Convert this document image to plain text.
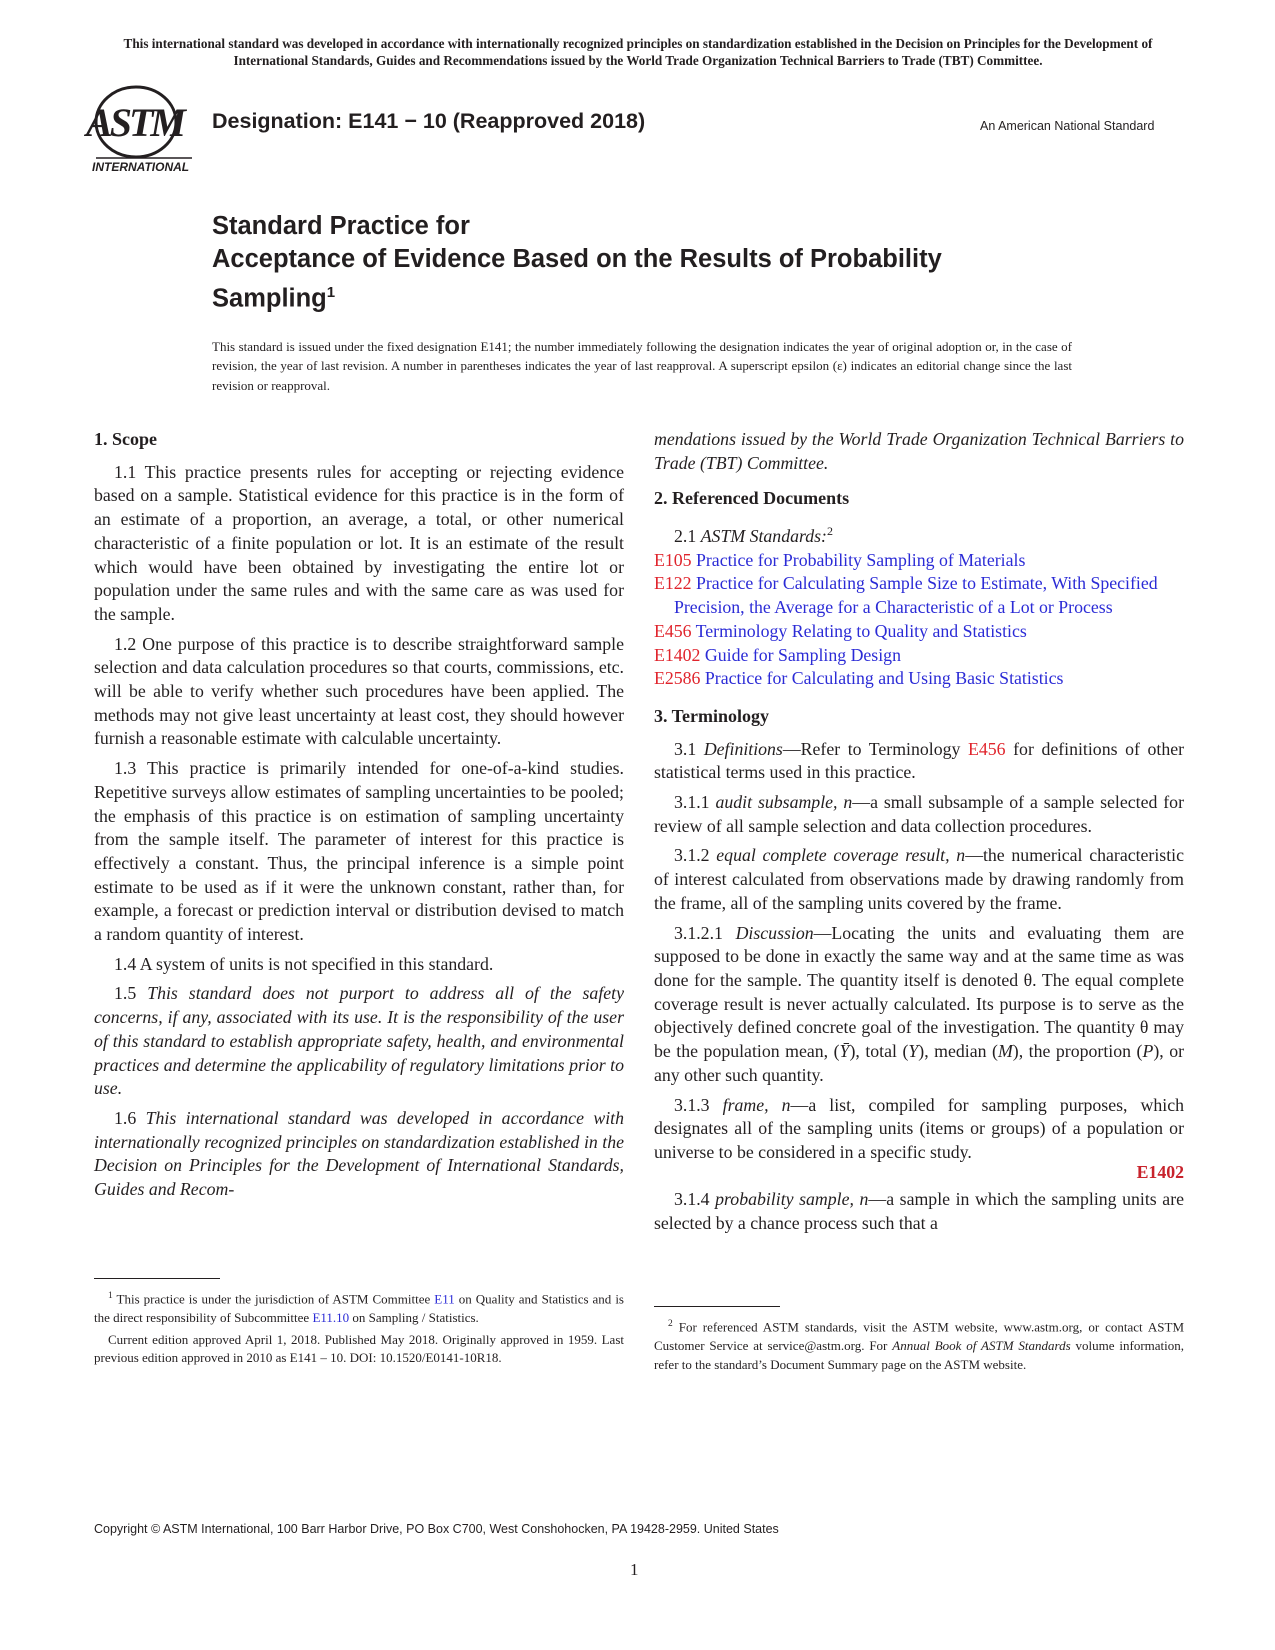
This international standard was developed in accordance with internationally recognized principles on standardization established in the Decision on Principles for the Development of International Standards, Guides and Recommendations issued by the World Trade Organization Technical Barriers to Trade (TBT) Committee.
ASTM
INTERNATIONAL
Designation: E141 − 10 (Reapproved 2018)	An American National Standard
Standard Practice for
Acceptance of Evidence Based on the Results of Probability
Sampling$^1$
This standard is issued under the fixed designation E141; the number immediately following the designation indicates the year of original adoption or, in the case of revision, the year of last revision. A number in parentheses indicates the year of last reapproval. A superscript epsilon (ε) indicates an editorial change since the last revision or reapproval.
1. Scope

1.1 This practice presents rules for accepting or rejecting evidence based on a sample. Statistical evidence for this practice is in the form of an estimate of a proportion, an average, a total, or other numerical characteristic of a finite population or lot. It is an estimate of the result which would have been obtained by investigating the entire lot or population under the same rules and with the same care as was used for the sample.

1.2 One purpose of this practice is to describe straightforward sample selection and data calculation procedures so that courts, commissions, etc. will be able to verify whether such procedures have been applied. The methods may not give least uncertainty at least cost, they should however furnish a reasonable estimate with calculable uncertainty.

1.3 This practice is primarily intended for one-of-a-kind studies. Repetitive surveys allow estimates of sampling uncertainties to be pooled; the emphasis of this practice is on estimation of sampling uncertainty from the sample itself. The parameter of interest for this practice is effectively a constant. Thus, the principal inference is a simple point estimate to be used as if it were the unknown constant, rather than, for example, a forecast or prediction interval or distribution devised to match a random quantity of interest.

1.4 A system of units is not specified in this standard.

1.5 This standard does not purport to address all of the safety concerns, if any, associated with its use. It is the responsibility of the user of this standard to establish appropriate safety, health, and environmental practices and determine the applicability of regulatory limitations prior to use.

1.6 This international standard was developed in accordance with internationally recognized principles on standardization established in the Decision on Principles for the Development of International Standards, Guides and Recom-

$^1$ This practice is under the jurisdiction of ASTM Committee E11 on Quality and Statistics and is the direct responsibility of Subcommittee E11.10 on Sampling / Statistics.

Current edition approved April 1, 2018. Published May 2018. Originally approved in 1959. Last previous edition approved in 2010 as E141 – 10. DOI: 10.1520/E0141-10R18.

mendations issued by the World Trade Organization Technical Barriers to Trade (TBT) Committee.

2. Referenced Documents

2.1 ASTM Standards:$^2$

E105 Practice for Probability Sampling of Materials
E122 Practice for Calculating Sample Size to Estimate, With Specified Precision, the Average for a Characteristic of a Lot or Process
E456 Terminology Relating to Quality and Statistics
E1402 Guide for Sampling Design
E2586 Practice for Calculating and Using Basic Statistics
3. Terminology

3.1 Definitions—Refer to Terminology E456 for definitions of other statistical terms used in this practice.

3.1.1 audit subsample, n—a small subsample of a sample selected for review of all sample selection and data collection procedures.

3.1.2 equal complete coverage result, n—the numerical characteristic of interest calculated from observations made by drawing randomly from the frame, all of the sampling units covered by the frame.

3.1.2.1 Discussion—Locating the units and evaluating them are supposed to be done in exactly the same way and at the same time as was done for the sample. The quantity itself is denoted θ. The equal complete coverage result is never actually calculated. Its purpose is to serve as the objectively defined concrete goal of the investigation. The quantity θ may be the population mean, (Ȳ), total (Y), median (M), the proportion (P), or any other such quantity.

3.1.3 frame, n—a list, compiled for sampling purposes, which designates all of the sampling units (items or groups) of a population or universe to be considered in a specific study.

E1402

3.1.4 probability sample, n—a sample in which the sampling units are selected by a chance process such that a

$^2$ For referenced ASTM standards, visit the ASTM website, www.astm.org, or contact ASTM Customer Service at service@astm.org. For Annual Book of ASTM Standards volume information, refer to the standard’s Document Summary page on the ASTM website.

Copyright © ASTM International, 100 Barr Harbor Drive, PO Box C700, West Conshohocken, PA 19428-2959. United States
1
